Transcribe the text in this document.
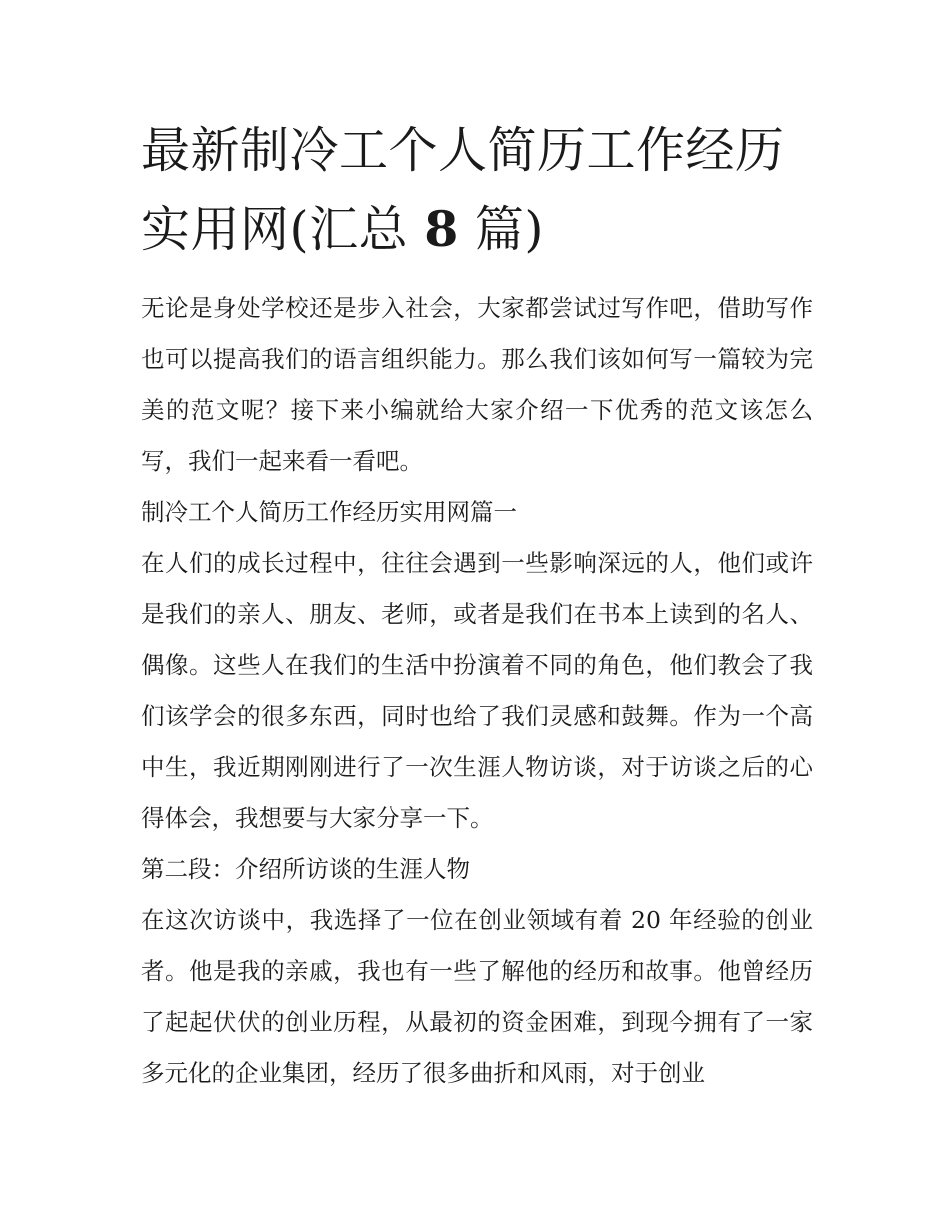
最新制冷工个人简历工作经历
实用网(汇总 8 篇)

无论是身处学校还是步入社会，大家都尝试过写作吧，借助写作也可以提高我们的语言组织能力。那么我们该如何写一篇较为完美的范文呢？接下来小编就给大家介绍一下优秀的范文该怎么写，我们一起来看一看吧。

制冷工个人简历工作经历实用网篇一

在人们的成长过程中，往往会遇到一些影响深远的人，他们或许是我们的亲人、朋友、老师，或者是我们在书本上读到的名人、偶像。这些人在我们的生活中扮演着不同的角色，他们教会了我们该学会的很多东西，同时也给了我们灵感和鼓舞。作为一个高中生，我近期刚刚进行了一次生涯人物访谈，对于访谈之后的心得体会，我想要与大家分享一下。

第二段：介绍所访谈的生涯人物

在这次访谈中，我选择了一位在创业领域有着 20 年经验的创业者。他是我的亲戚，我也有一些了解他的经历和故事。他曾经历了起起伏伏的创业历程，从最初的资金困难，到现今拥有了一家多元化的企业集团，经历了很多曲折和风雨，对于创业
